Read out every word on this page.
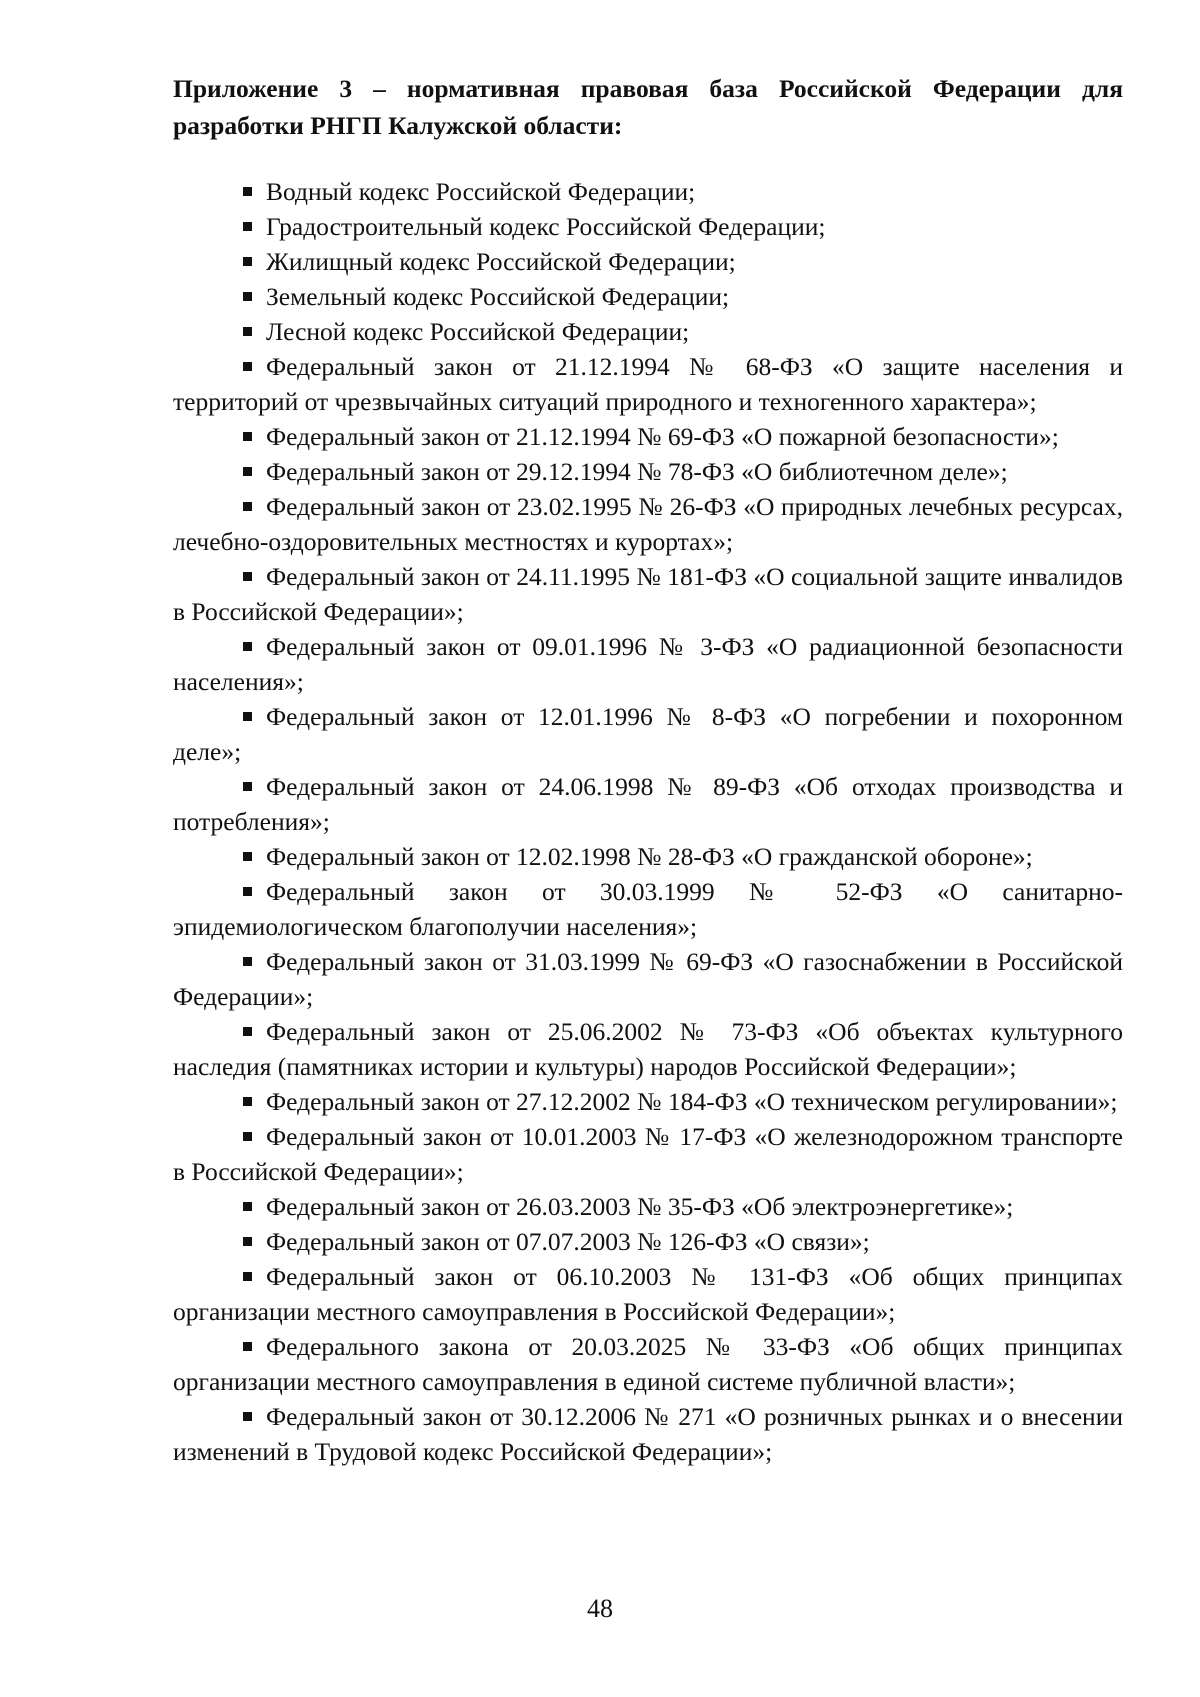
Приложение 3 – нормативная правовая база Российской Федерации для разработки РНГП Калужской области:

Водный кодекс Российской Федерации;
Градостроительный кодекс Российской Федерации;
Жилищный кодекс Российской Федерации;
Земельный кодекс Российской Федерации;
Лесной кодекс Российской Федерации;
Федеральный закон от 21.12.1994 № 68-ФЗ «О защите населения и территорий от чрезвычайных ситуаций природного и техногенного характера»;
Федеральный закон от 21.12.1994 № 69-ФЗ «О пожарной безопасности»;
Федеральный закон от 29.12.1994 № 78-ФЗ «О библиотечном деле»;
Федеральный закон от 23.02.1995 № 26-ФЗ «О природных лечебных ресурсах, лечебно-оздоровительных местностях и курортах»;
Федеральный закон от 24.11.1995 № 181-ФЗ «О социальной защите инвалидов в Российской Федерации»;
Федеральный закон от 09.01.1996 № 3-ФЗ «О радиационной безопасности населения»;
Федеральный закон от 12.01.1996 № 8-ФЗ «О погребении и похоронном деле»;
Федеральный закон от 24.06.1998 № 89-ФЗ «Об отходах производства и потребления»;
Федеральный закон от 12.02.1998 № 28-ФЗ «О гражданской обороне»;
Федеральный закон от 30.03.1999 № 52-ФЗ «О санитарно-эпидемиологическом благополучии населения»;
Федеральный закон от 31.03.1999 № 69-ФЗ «О газоснабжении в Российской Федерации»;
Федеральный закон от 25.06.2002 № 73-ФЗ «Об объектах культурного наследия (памятниках истории и культуры) народов Российской Федерации»;
Федеральный закон от 27.12.2002 № 184-ФЗ «О техническом регулировании»;
Федеральный закон от 10.01.2003 № 17-ФЗ «О железнодорожном транспорте в Российской Федерации»;
Федеральный закон от 26.03.2003 № 35-ФЗ «Об электроэнергетике»;
Федеральный закон от 07.07.2003 № 126-ФЗ «О связи»;
Федеральный закон от 06.10.2003 № 131-ФЗ «Об общих принципах организации местного самоуправления в Российской Федерации»;
Федерального закона от 20.03.2025 № 33-ФЗ «Об общих принципах организации местного самоуправления в единой системе публичной власти»;
Федеральный закон от 30.12.2006 № 271 «О розничных рынках и о внесении изменений в Трудовой кодекс Российской Федерации»;
48
